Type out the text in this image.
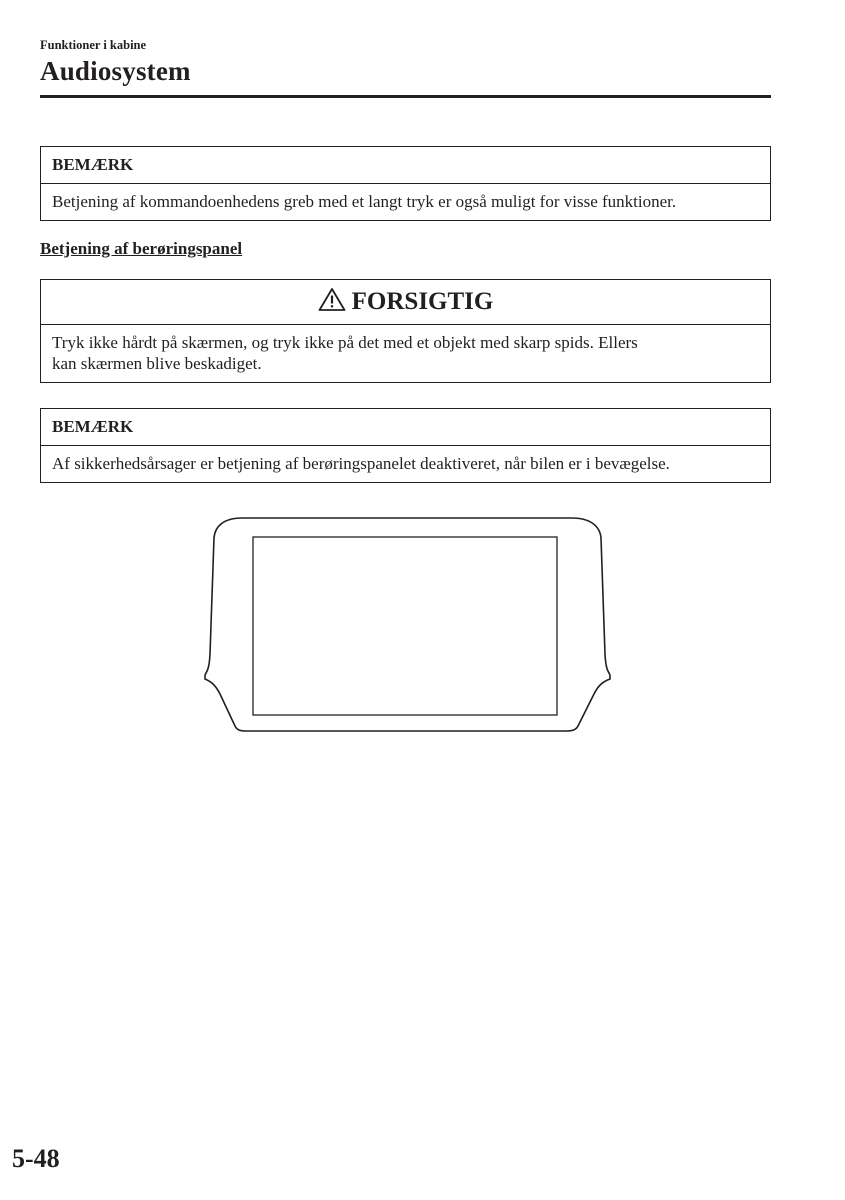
Funktioner i kabine
Audiosystem
BEMÆRK
Betjening af kommandoenhedens greb med et langt tryk er også muligt for visse funktioner.
Betjening af berøringspanel
FORSIGTIG
Tryk ikke hårdt på skærmen, og tryk ikke på det med et objekt med skarp spids. Ellers
kan skærmen blive beskadiget.
BEMÆRK
Af sikkerhedsårsager er betjening af berøringspanelet deaktiveret, når bilen er i bevægelse.
5-48
